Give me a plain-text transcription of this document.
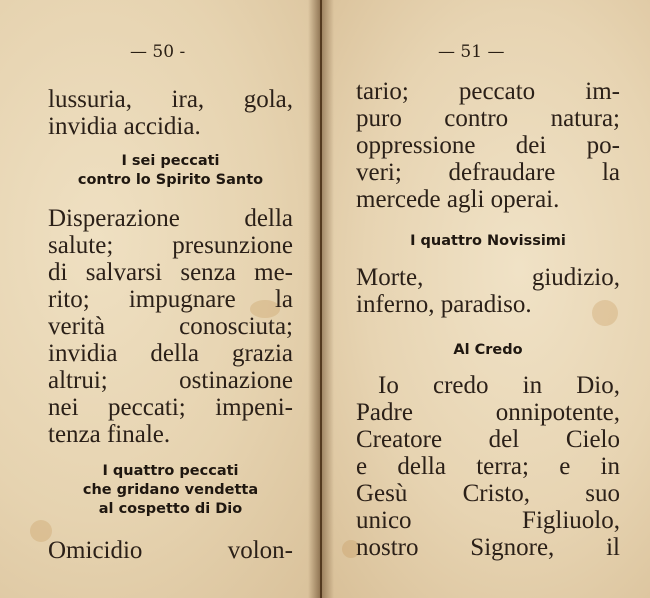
— 50 -
lussuria, ira, gola,
invidia accidia.
I sei peccati
contro lo Spirito Santo
Disperazione della
salute; presunzione
di salvarsi senza me-
rito; impugnare la
verità conosciuta;
invidia della grazia
altrui; ostinazione
nei peccati; impeni-
tenza finale.
I quattro peccati
che gridano vendetta
al cospetto di Dio
Omicidio volon-
— 51 —
tario; peccato im-
puro contro natura;
oppressione dei po-
veri; defraudare la
mercede agli operai.
I quattro Novissimi
Morte, giudizio,
inferno, paradiso.
Al Credo
Io credo in Dio,
Padre onnipotente,
Creatore del Cielo
e della terra; e in
Gesù Cristo, suo
unico Figliuolo,
nostro Signore, il
